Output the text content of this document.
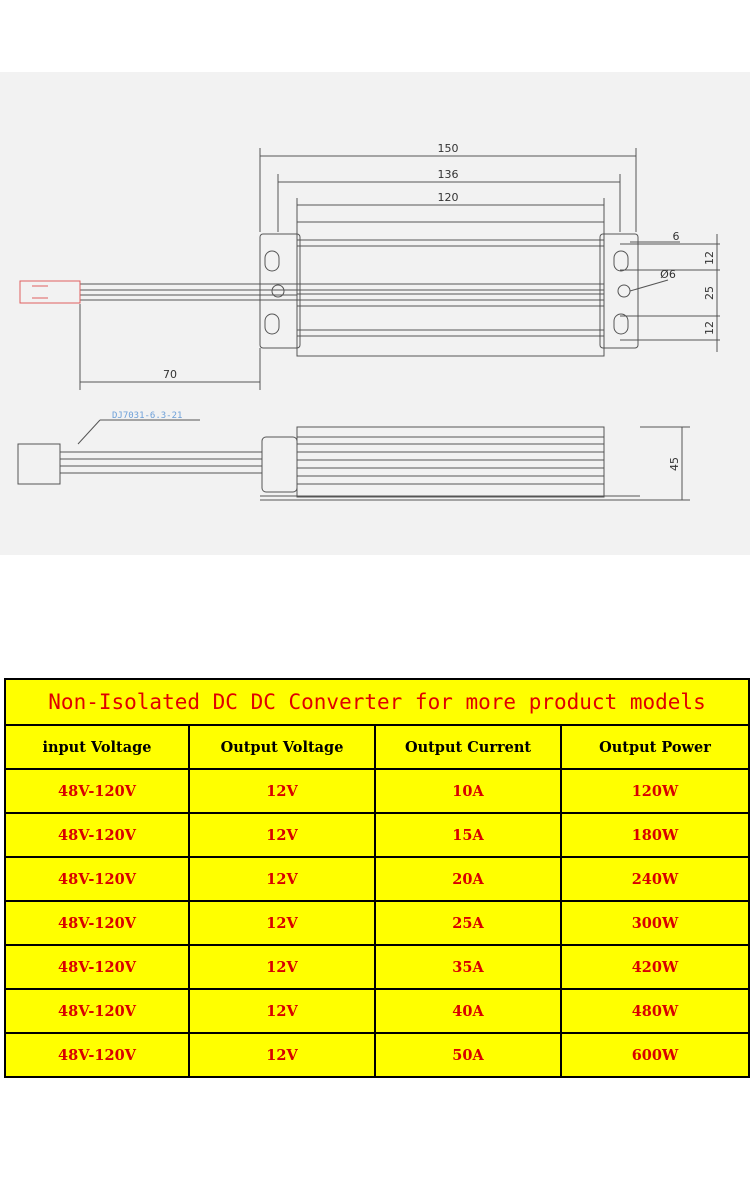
150
136
120
70
6
Ø6
12
25
12
45
DJ7031-6.3-21
Non-Isolated DC DC Converter for more product models			
input Voltage	Output Voltage	Output Current	Output Power
48V-120V	12V	10A	120W
48V-120V	12V	15A	180W
48V-120V	12V	20A	240W
48V-120V	12V	25A	300W
48V-120V	12V	35A	420W
48V-120V	12V	40A	480W
48V-120V	12V	50A	600W
